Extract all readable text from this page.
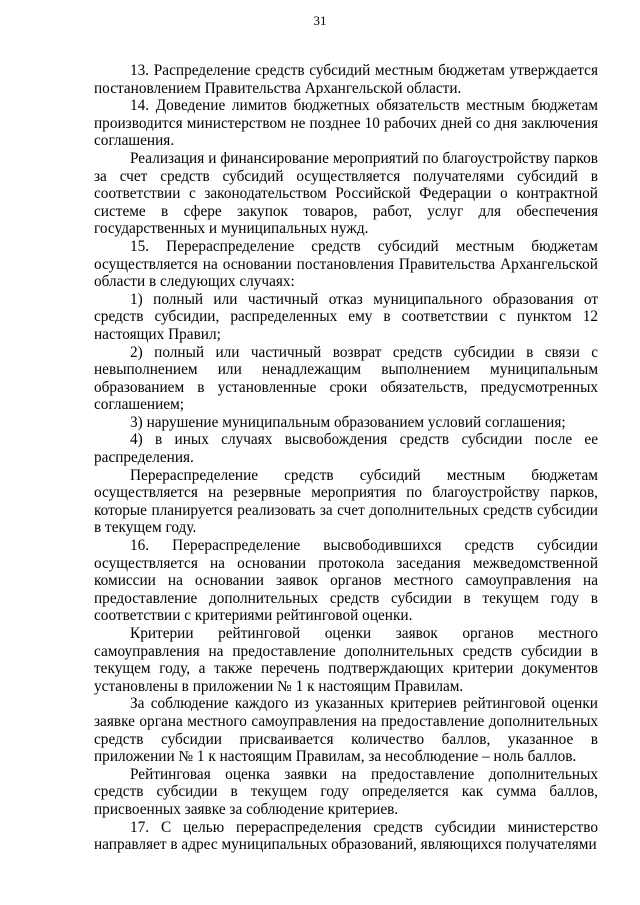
31

13. Распределение средств субсидий местным бюджетам утверждается постановлением Правительства Архангельской области.

14. Доведение лимитов бюджетных обязательств местным бюджетам производится министерством не позднее 10 рабочих дней со дня заключения соглашения.

Реализация и финансирование мероприятий по благоустройству парков за счет средств субсидий осуществляется получателями субсидий в соответствии с законодательством Российской Федерации о контрактной системе в сфере закупок товаров, работ, услуг для обеспечения государственных и муниципальных нужд.

15. Перераспределение средств субсидий местным бюджетам осуществляется на основании постановления Правительства Архангельской области в следующих случаях:

1) полный или частичный отказ муниципального образования от средств субсидии, распределенных ему в соответствии с пунктом 12 настоящих Правил;

2) полный или частичный возврат средств субсидии в связи с невыполнением или ненадлежащим выполнением муниципальным образованием в установленные сроки обязательств, предусмотренных соглашением;

3) нарушение муниципальным образованием условий соглашения;

4) в иных случаях высвобождения средств субсидии после ее распределения.

Перераспределение средств субсидий местным бюджетам осуществляется на резервные мероприятия по благоустройству парков, которые планируется реализовать за счет дополнительных средств субсидии в текущем году.

16. Перераспределение высвободившихся средств субсидии осуществляется на основании протокола заседания межведомственной комиссии на основании заявок органов местного самоуправления на предоставление дополнительных средств субсидии в текущем году в соответствии с критериями рейтинговой оценки.

Критерии рейтинговой оценки заявок органов местного самоуправления на предоставление дополнительных средств субсидии в текущем году, а также перечень подтверждающих критерии документов установлены в приложении № 1 к настоящим Правилам.

За соблюдение каждого из указанных критериев рейтинговой оценки заявке органа местного самоуправления на предоставление дополнительных средств субсидии присваивается количество баллов, указанное в приложении № 1 к настоящим Правилам, за несоблюдение – ноль баллов.

Рейтинговая оценка заявки на предоставление дополнительных средств субсидии в текущем году определяется как сумма баллов, присвоенных заявке за соблюдение критериев.

17. С целью перераспределения средств субсидии министерство направляет в адрес муниципальных образований, являющихся получателями
